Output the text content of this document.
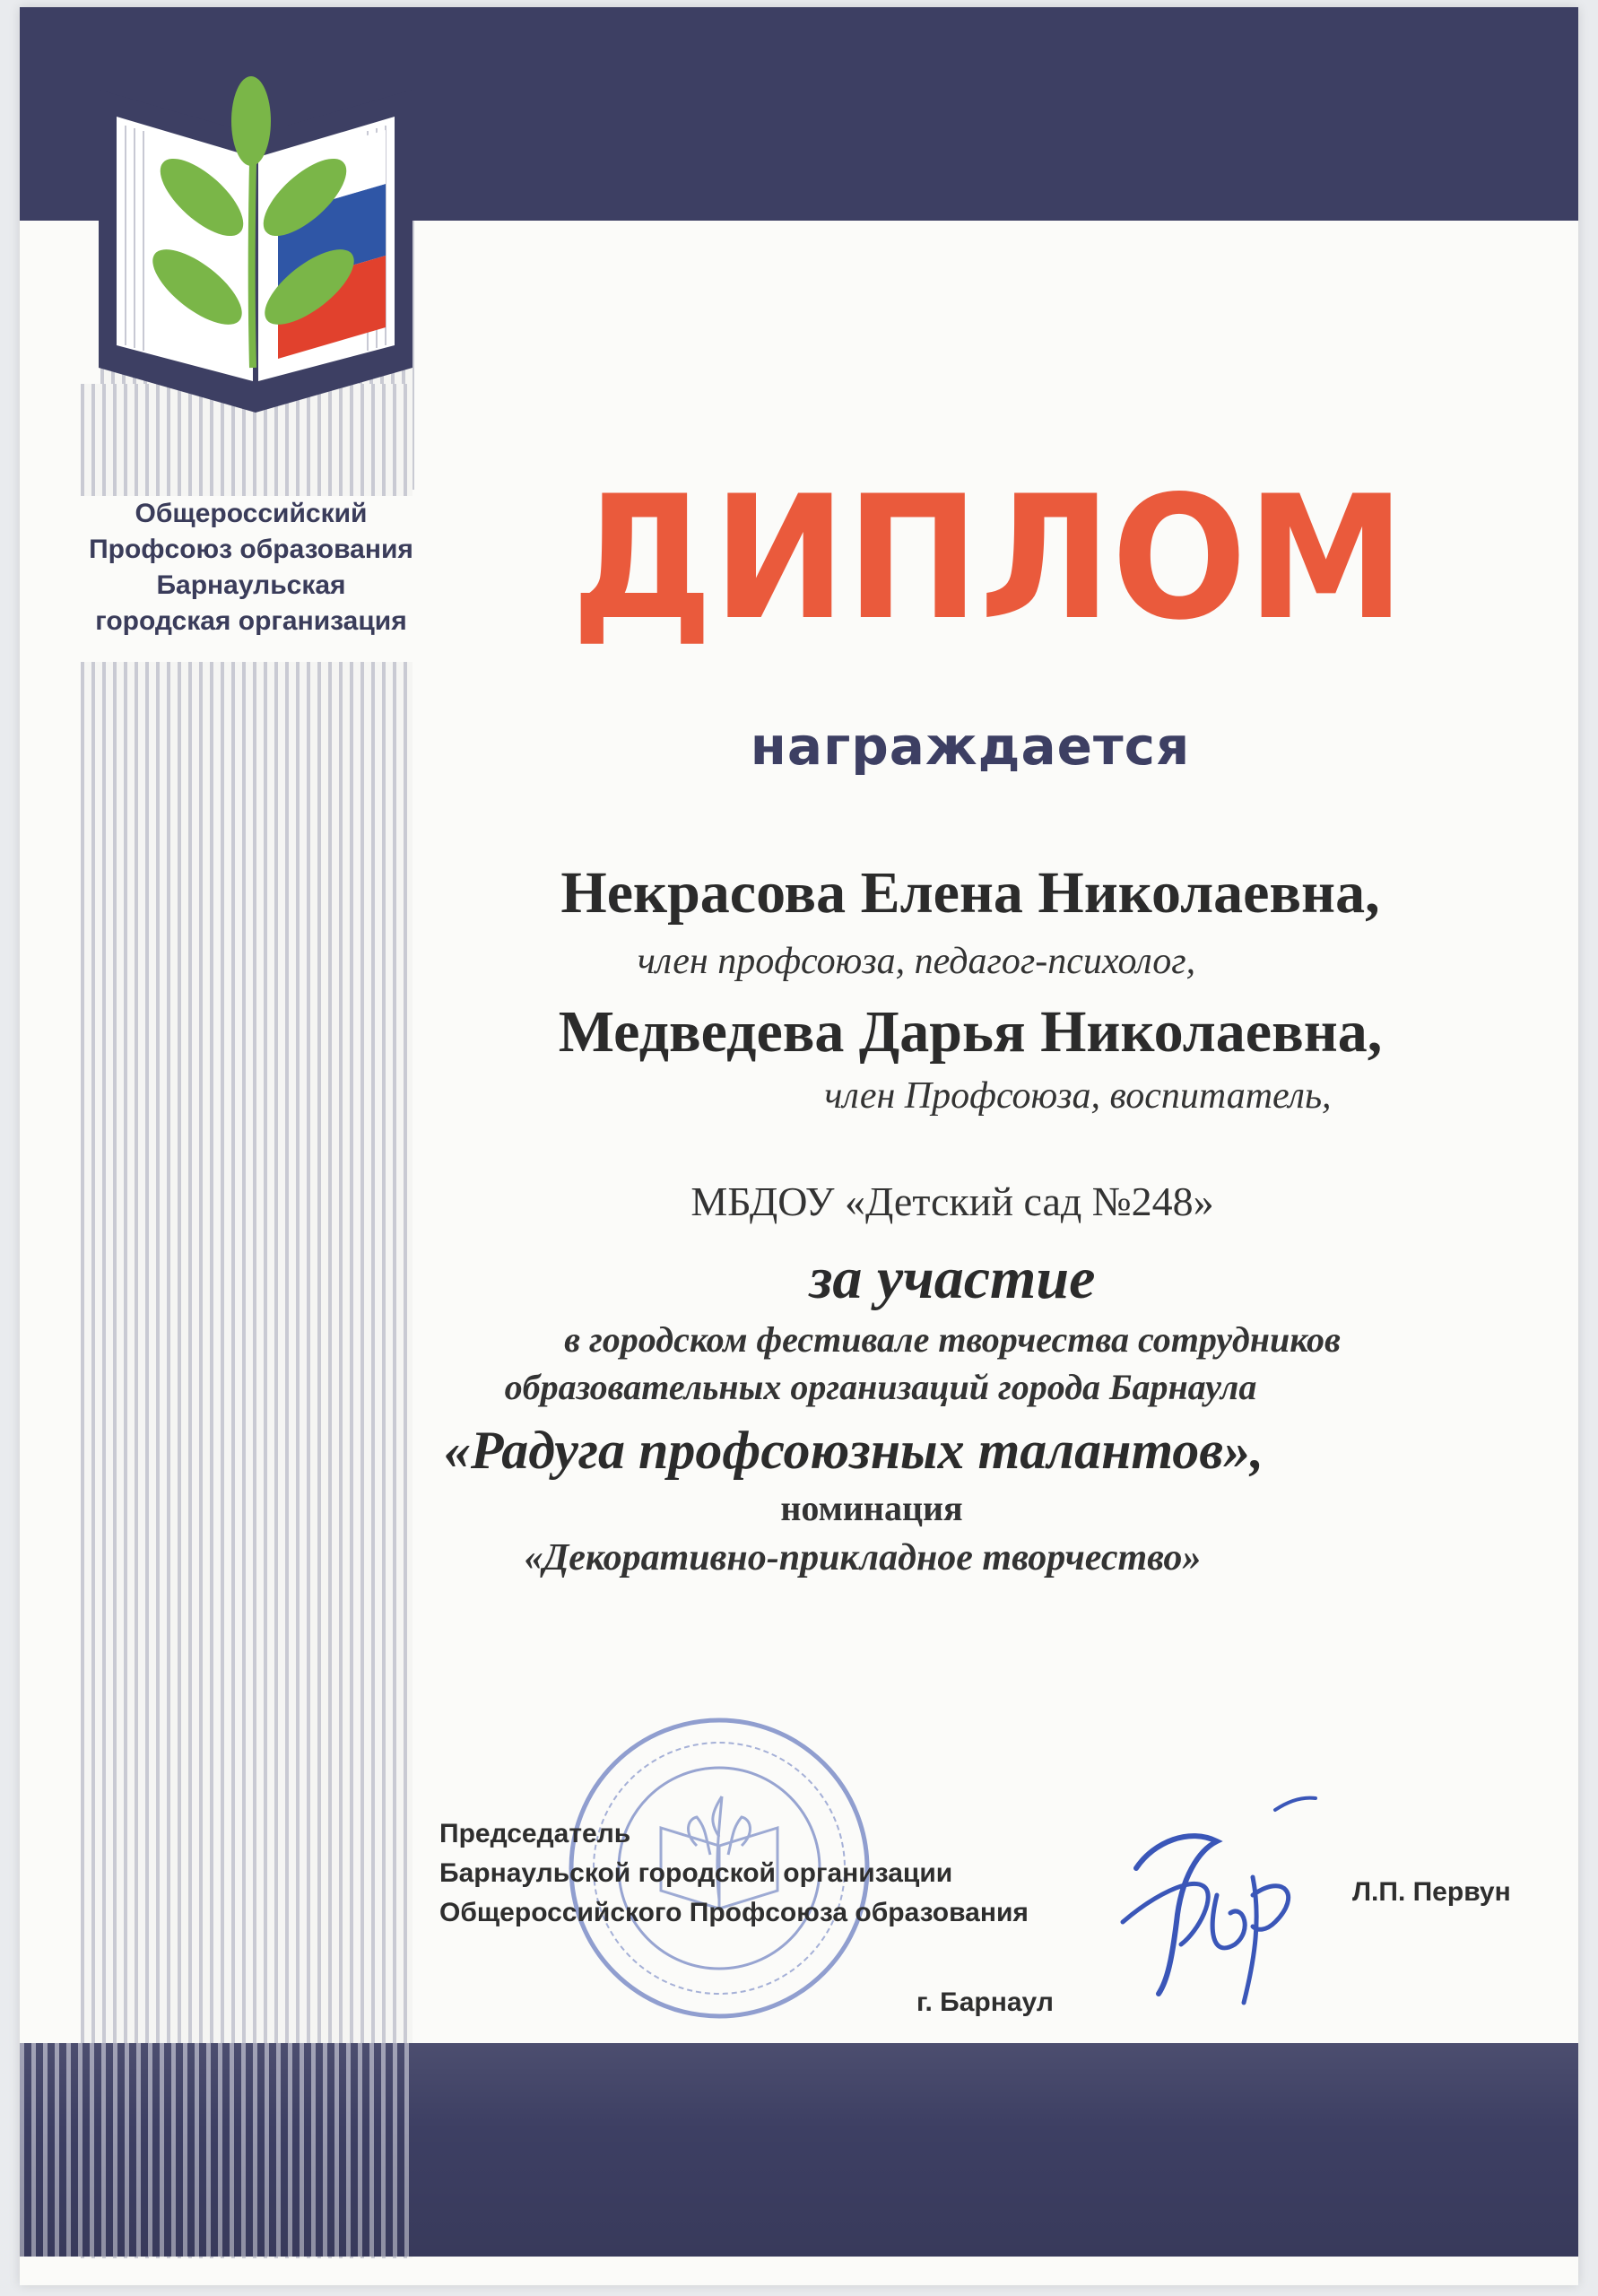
Общероссийский
Профсоюз образования
Барнаульская
городская организация ДИПЛОМ
награждается
Некрасова Елена Николаевна,
член профсоюза, педагог-психолог,
Медведева Дарья Николаевна,
член Профсоюза, воспитатель,
МБДОУ «Детский сад №248»
за участие
в городском фестивале творчества сотрудников
образовательных организаций города Барнаула
«Радуга профсоюзных талантов»,
номинация
«Декоративно-прикладное творчество»
Председатель
Барнаульской городской организации
Общероссийского Профсоюза образования
Л.П. Первун
г. Барнаул
